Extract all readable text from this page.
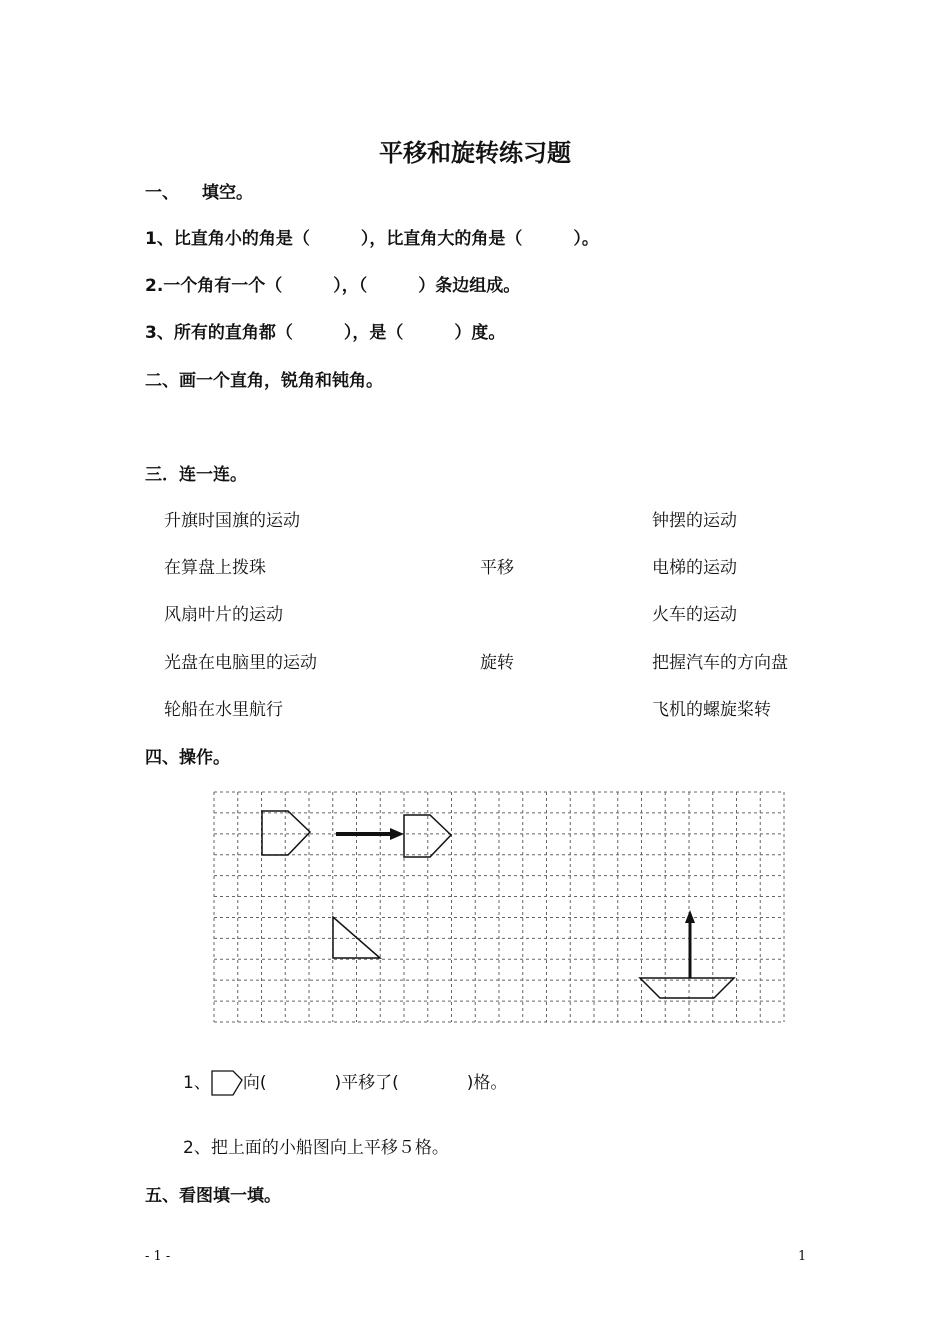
平移和旋转练习题
一、 填空。
1、比直角小的角是（　　　），比直角大的角是（　　　）。
2.一个角有一个（　　　），（　　　）条边组成。
3、所有的直角都（　　　），是（　　　）度。
二、画一个直角，锐角和钝角。
三．连一连。
升旗时国旗的运动
在算盘上拨珠
风扇叶片的运动
光盘在电脑里的运动
轮船在水里航行
平移
旋转
钟摆的运动
电梯的运动
火车的运动
把握汽车的方向盘
飞机的螺旋桨转
四、操作。
1、 向(　　　　)平移了(　　　　)格。
2、把上面的小船图向上平移５格。
五、看图填一填。
- 1 -	1
